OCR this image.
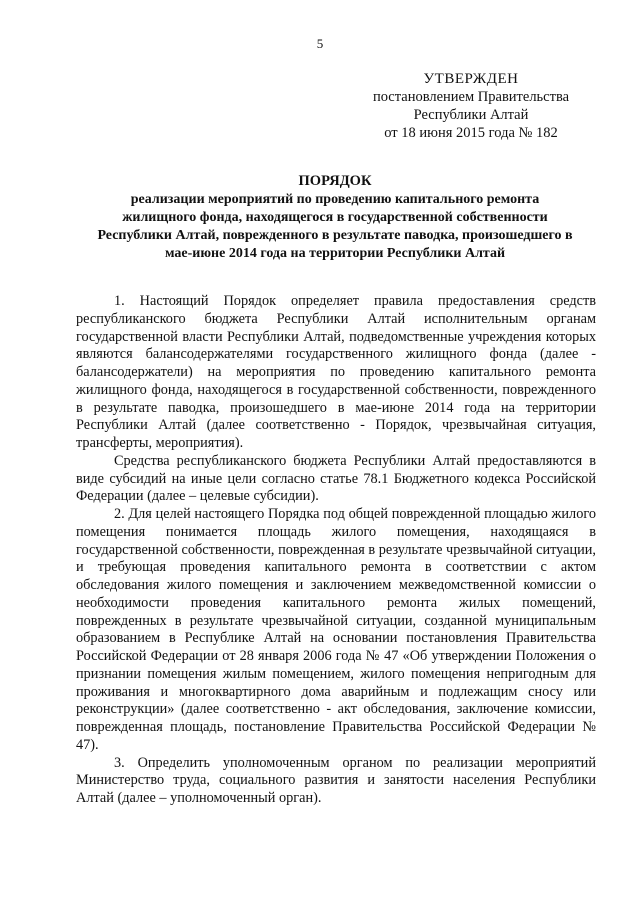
5
УТВЕРЖДЕН
постановлением Правительства
Республики Алтай
от 18 июня 2015 года № 182
ПОРЯДОК
реализации мероприятий по проведению капитального ремонта
жилищного фонда, находящегося в государственной собственности
Республики Алтай, поврежденного в результате паводка, произошедшего в
мае-июне 2014 года на территории Республики Алтай

1. Настоящий Порядок определяет правила предоставления средств республиканского бюджета Республики Алтай исполнительным органам государственной власти Республики Алтай, подведомственные учреждения которых являются балансодержателями государственного жилищного фонда (далее - балансодержатели) на мероприятия по проведению капитального ремонта жилищного фонда, находящегося в государственной собственности, поврежденного в результате паводка, произошедшего в мае-июне 2014 года на территории Республики Алтай (далее соответственно - Порядок, чрезвычайная ситуация, трансферты, мероприятия).

Средства республиканского бюджета Республики Алтай предоставляются в виде субсидий на иные цели согласно статье 78.1 Бюджетного кодекса Российской Федерации (далее – целевые субсидии).

2. Для целей настоящего Порядка под общей поврежденной площадью жилого помещения понимается площадь жилого помещения, находящаяся в государственной собственности, поврежденная в результате чрезвычайной ситуации, и требующая проведения капитального ремонта в соответствии с актом обследования жилого помещения и заключением межведомственной комиссии о необходимости проведения капитального ремонта жилых помещений, поврежденных в результате чрезвычайной ситуации, созданной муниципальным образованием в Республике Алтай на основании постановления Правительства Российской Федерации от 28 января 2006 года № 47 «Об утверждении Положения о признании помещения жилым помещением, жилого помещения непригодным для проживания и многоквартирного дома аварийным и подлежащим сносу или реконструкции» (далее соответственно - акт обследования, заключение комиссии, поврежденная площадь, постановление Правительства Российской Федерации № 47).

3. Определить уполномоченным органом по реализации мероприятий Министерство труда, социального развития и занятости населения Республики Алтай (далее – уполномоченный орган).
